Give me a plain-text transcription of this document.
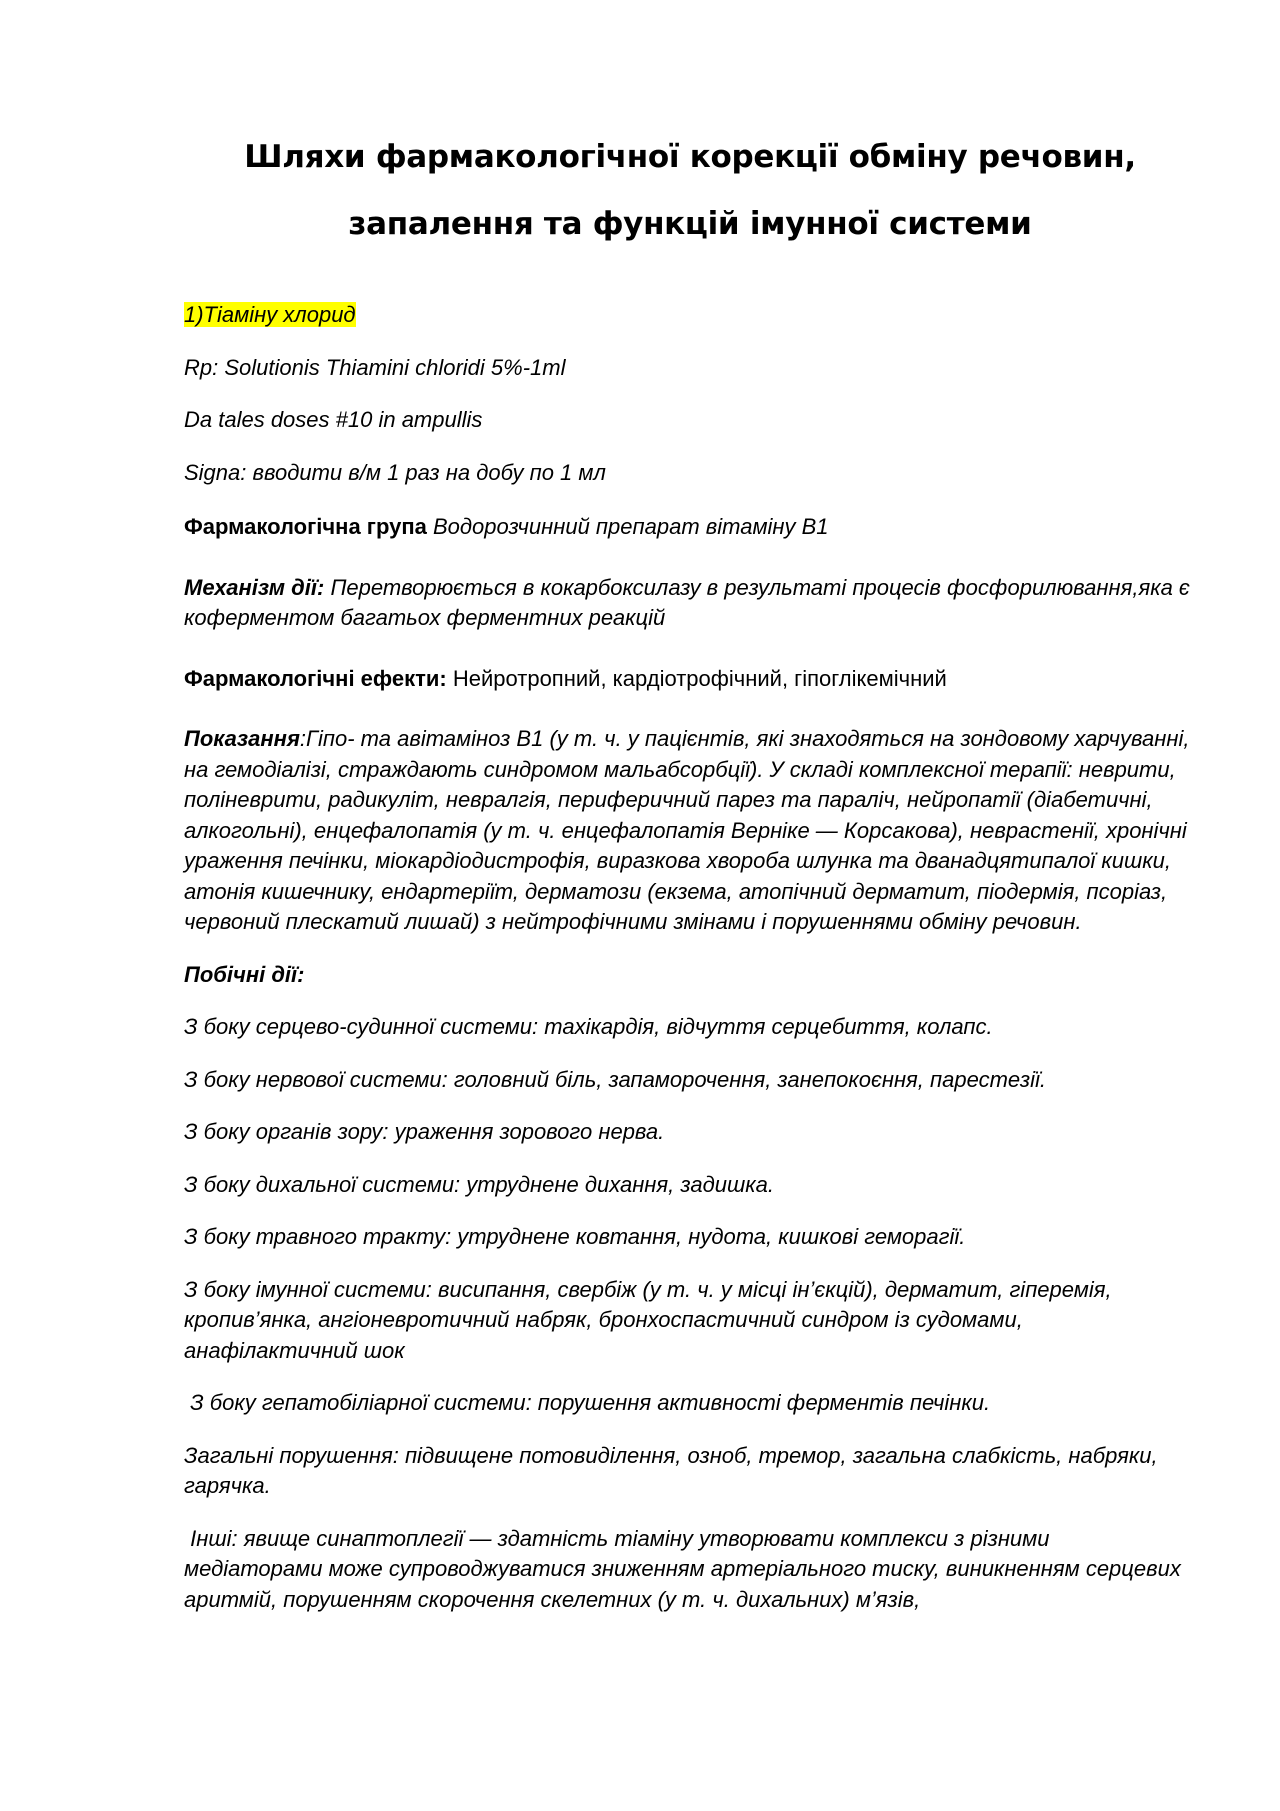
Шляхи фармакологічної корекції обміну речовин,
запалення та функцій імунної системи

1)Тіаміну хлорид

Rp: Solutionis Thiamini chloridi 5%-1ml

Da tales doses #10 in ampullis

Signa: вводити в/м 1 раз на добу по 1 мл

Фармакологічна група Водорозчинний препарат вітаміну В1

Механізм дії: Перетворюється в кокарбоксилазу в результаті процесів фосфорилювання,яка є коферментом багатьох ферментних реакцій

Фармакологічні ефекти: Нейротропний, кардіотрофічний, гіпоглікемічний

Показання:Гіпо- та авітаміноз В1 (у т. ч. у пацієнтів, які знаходяться на зондовому харчуванні, на гемодіалізі, страждають синдромом мальабсорбції). У складі комплексної терапії: неврити, поліневрити, радикуліт, невралгія, периферичний парез та параліч, нейропатії (діабетичні, алкогольні), енцефалопатія (у т. ч. енцефалопатія Верніке — Корсакова), неврастенії, хронічні ураження печінки, міокардіодистрофія, виразкова хвороба шлунка та дванадцятипалої кишки, атонія кишечнику, ендартеріїт, дерматози (екзема, атопічний дерматит, піодермія, псоріаз, червоний плескатий лишай) з нейтрофічними змінами і порушеннями обміну речовин.

Побічні дії:

З боку серцево-судинної системи: тахікардія, відчуття серцебиття, колапс.

З боку нервової системи: головний біль, запаморочення, занепокоєння, парестезії.

З боку органів зору: ураження зорового нерва.

З боку дихальної системи: утруднене дихання, задишка.

З боку травного тракту: утруднене ковтання, нудота, кишкові геморагії.

З боку імунної системи: висипання, свербіж (у т. ч. у місці ін’єкцій), дерматит, гіперемія, кропив’янка, ангіоневротичний набряк, бронхоспастичний синдром із судомами, анафілактичний шок

З боку гепатобіліарної системи: порушення активності ферментів печінки.

Загальні порушення: підвищене потовиділення, озноб, тремор, загальна слабкість, набряки, гарячка.

Інші: явище синаптоплегії — здатність тіаміну утворювати комплекси з різними медіаторами може супроводжуватися зниженням артеріального тиску, виникненням серцевих аритмій, порушенням скорочення скелетних (у т. ч. дихальних) м’язів,
